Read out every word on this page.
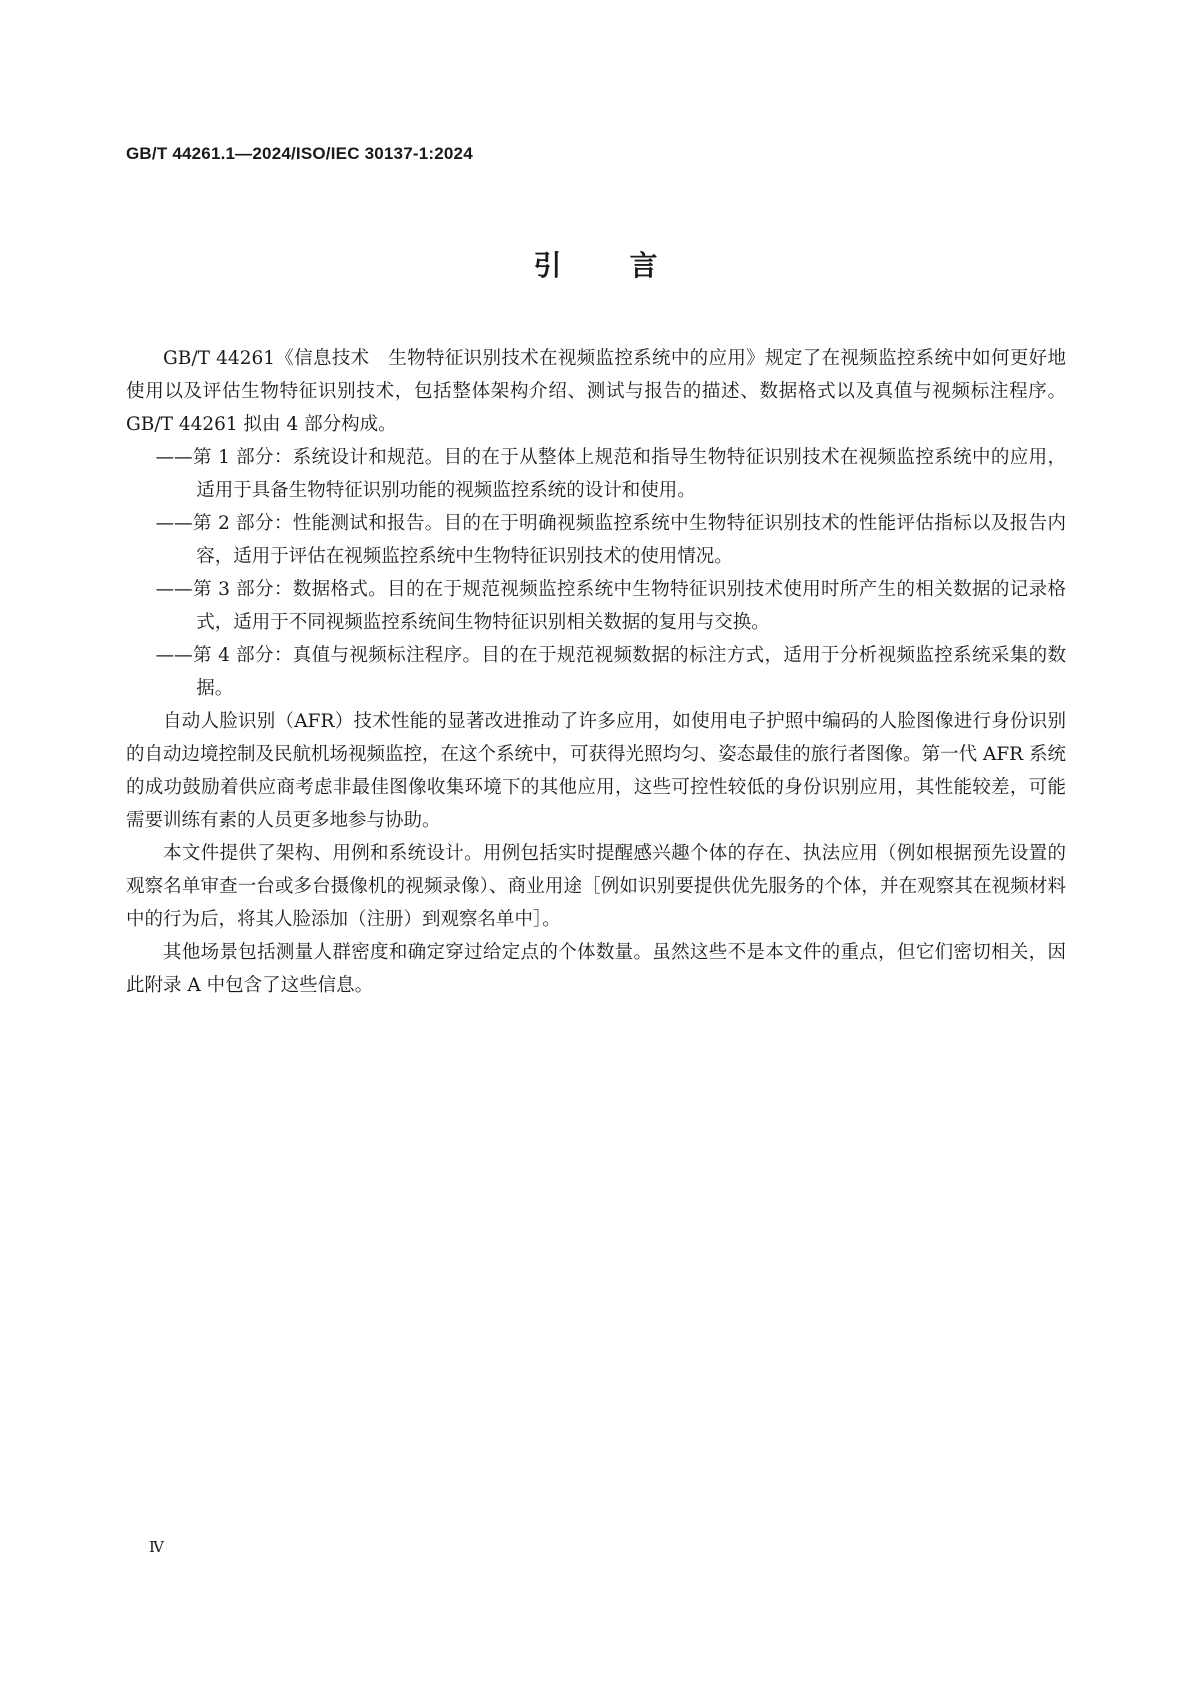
GB/T 44261.1—2024/ISO/IEC 30137-1:2024
引言

GB/T 44261《信息技术　生物特征识别技术在视频监控系统中的应用》规定了在视频监控系统中如何更好地使用以及评估生物特征识别技术，包括整体架构介绍、测试与报告的描述、数据格式以及真值与视频标注程序。GB/T 44261 拟由 4 部分构成。

——第 1 部分：系统设计和规范。目的在于从整体上规范和指导生物特征识别技术在视频监控系统中的应用，适用于具备生物特征识别功能的视频监控系统的设计和使用。

——第 2 部分：性能测试和报告。目的在于明确视频监控系统中生物特征识别技术的性能评估指标以及报告内容，适用于评估在视频监控系统中生物特征识别技术的使用情况。

——第 3 部分：数据格式。目的在于规范视频监控系统中生物特征识别技术使用时所产生的相关数据的记录格式，适用于不同视频监控系统间生物特征识别相关数据的复用与交换。

——第 4 部分：真值与视频标注程序。目的在于规范视频数据的标注方式，适用于分析视频监控系统采集的数据。

自动人脸识别（AFR）技术性能的显著改进推动了许多应用，如使用电子护照中编码的人脸图像进行身份识别的自动边境控制及民航机场视频监控，在这个系统中，可获得光照均匀、姿态最佳的旅行者图像。第一代 AFR 系统的成功鼓励着供应商考虑非最佳图像收集环境下的其他应用，这些可控性较低的身份识别应用，其性能较差，可能需要训练有素的人员更多地参与协助。

本文件提供了架构、用例和系统设计。用例包括实时提醒感兴趣个体的存在、执法应用（例如根据预先设置的观察名单审查一台或多台摄像机的视频录像）、商业用途［例如识别要提供优先服务的个体，并在观察其在视频材料中的行为后，将其人脸添加（注册）到观察名单中］。

其他场景包括测量人群密度和确定穿过给定点的个体数量。虽然这些不是本文件的重点，但它们密切相关，因此附录 A 中包含了这些信息。

Ⅳ
